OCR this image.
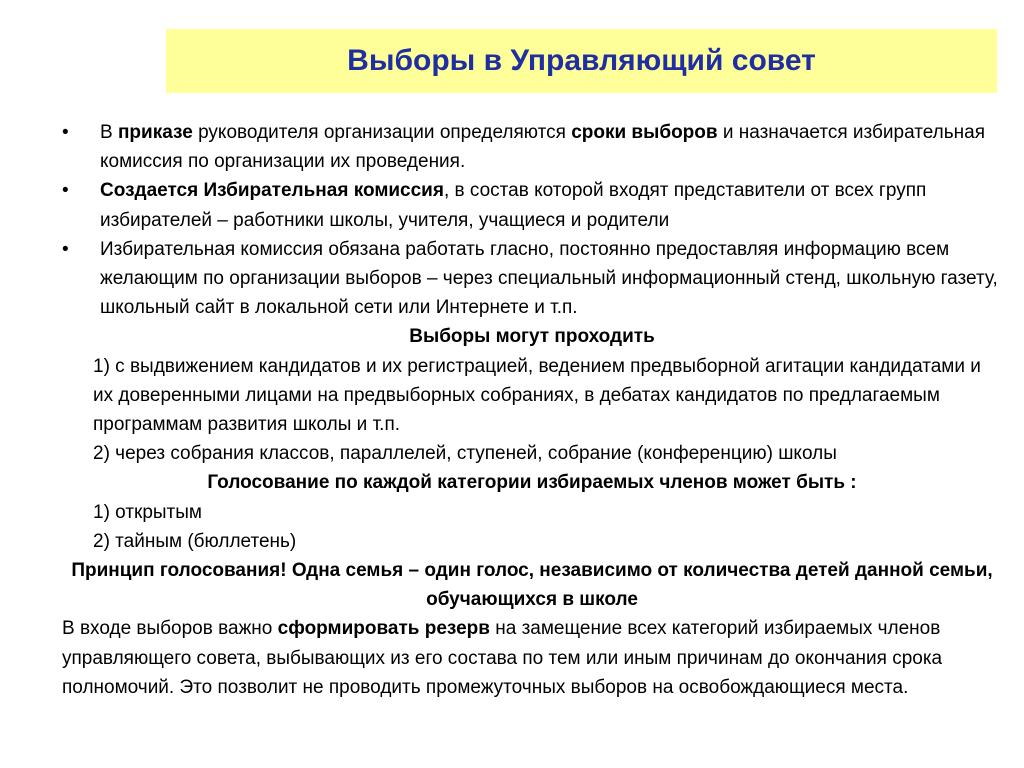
Выборы в Управляющий совет
•	В приказе руководителя организации определяются сроки выборов и назначается избирательная комиссия по организации их проведения.
•	Создается Избирательная комиссия, в состав которой входят представители от всех групп избирателей – работники школы, учителя, учащиеся и родители
•	Избирательная комиссия обязана работать гласно, постоянно предоставляя информацию всем желающим по организации выборов – через специальный информационный стенд, школьную газету, школьный сайт в локальной сети или Интернете и т.п.
Выборы могут проходить
1) с выдвижением кандидатов и их регистрацией, ведением предвыборной агитации кандидатами и их доверенными лицами на предвыборных собраниях, в дебатах кандидатов по предлагаемым программам развития школы и т.п.
2) через собрания классов, параллелей, ступеней, собрание (конференцию) школы
Голосование по каждой категории избираемых членов может быть :
1) открытым
2) тайным (бюллетень)
Принцип голосования! Одна семья – один голос, независимо от количества детей данной семьи, обучающихся в школе

В входе выборов важно сформировать резерв на замещение всех категорий избираемых членов управляющего совета, выбывающих из его состава по тем или иным причинам до окончания срока полномочий. Это позволит не проводить промежуточных выборов на освобождающиеся места.
